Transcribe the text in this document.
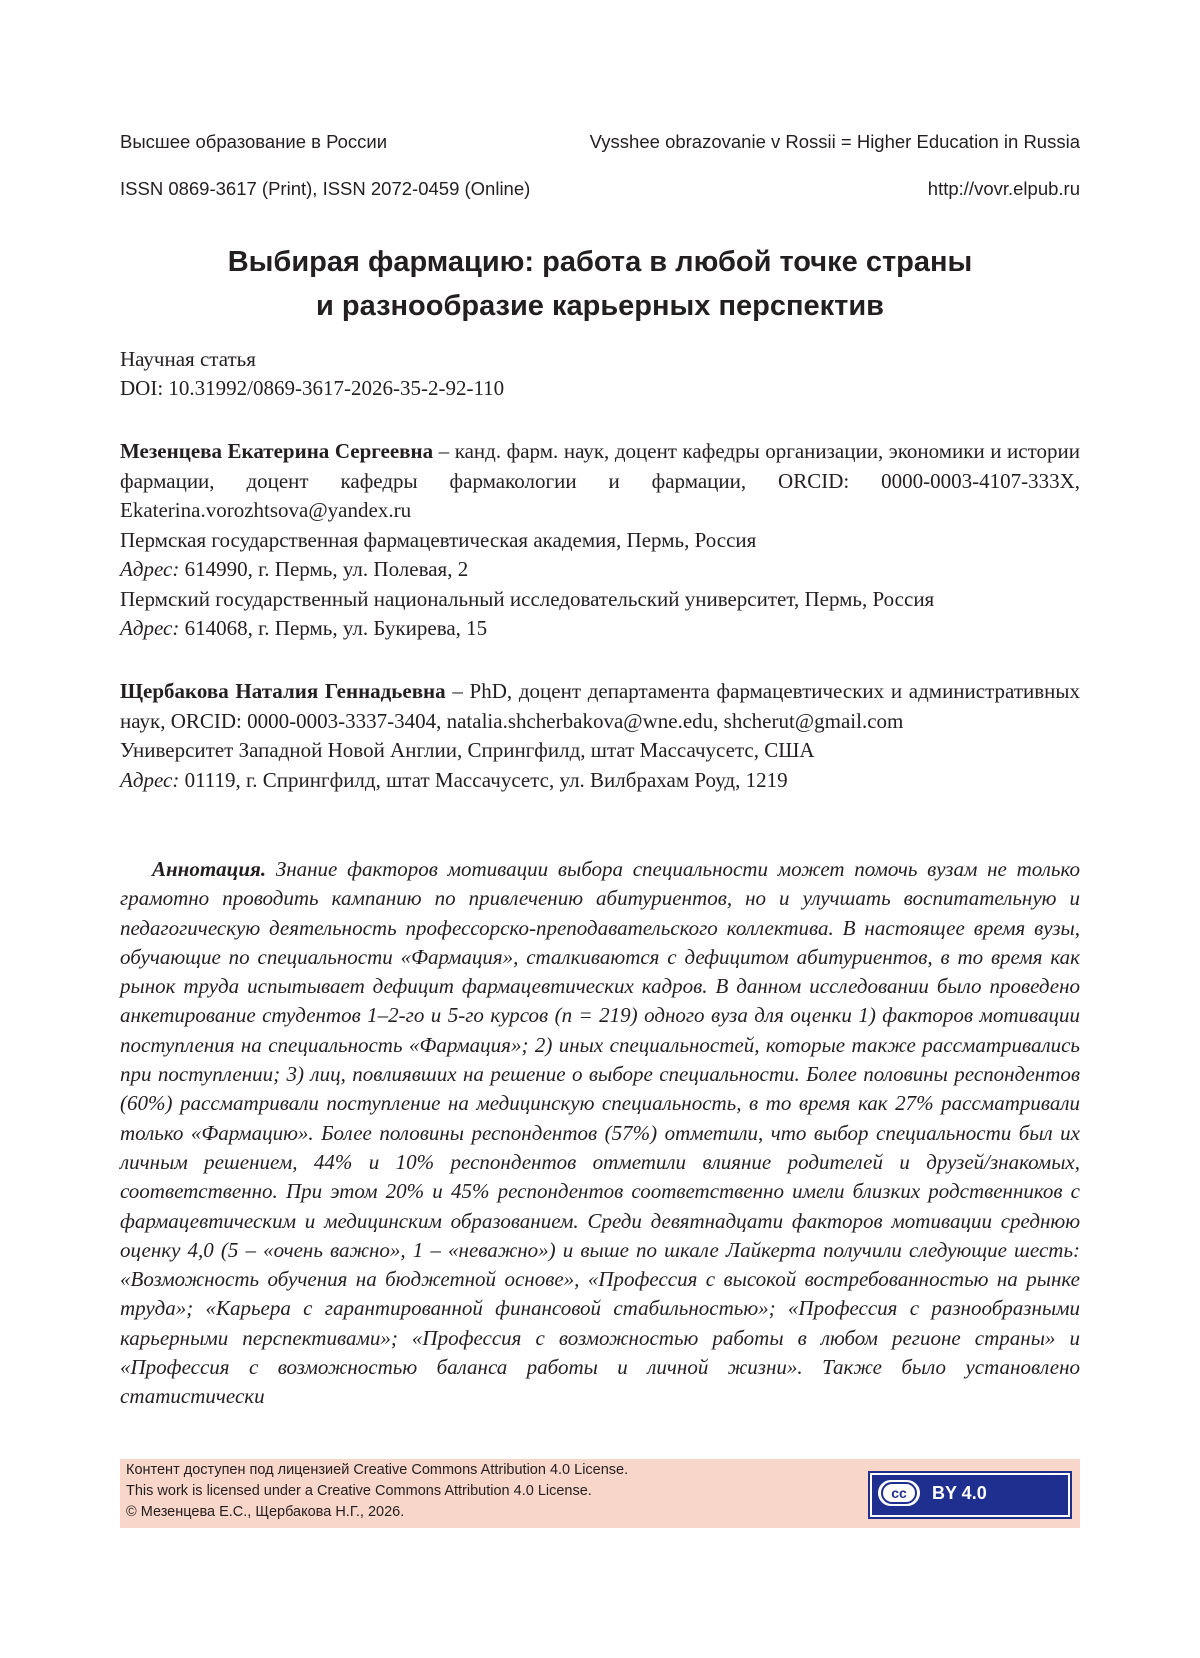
Высшее образование в России	Vysshee obrazovanie v Rossii = Higher Education in Russia
ISSN 0869-3617 (Print), ISSN 2072-0459 (Online)	http://vovr.elpub.ru
Выбирая фармацию: работа в любой точке страны
и разнообразие карьерных перспектив
Научная статья
DOI: 10.31992/0869-3617-2026-35-2-92-110

Мезенцева Екатерина Сергеевна – канд. фарм. наук, доцент кафедры организации, экономики и истории фармации, доцент кафедры фармакологии и фармации, ORCID: 0000-0003-4107-333X, Ekaterina.vorozhtsova@yandex.ru

Пермская государственная фармацевтическая академия, Пермь, Россия

Адрес: 614990, г. Пермь, ул. Полевая, 2

Пермский государственный национальный исследовательский университет, Пермь, Россия

Адрес: 614068, г. Пермь, ул. Букирева, 15

Щербакова Наталия Геннадьевна – PhD, доцент департамента фармацевтических и административных наук, ORCID: 0000-0003-3337-3404, natalia.shcherbakova@wne.edu, shcherut@gmail.com

Университет Западной Новой Англии, Спрингфилд, штат Массачусетс, США

Адрес: 01119, г. Спрингфилд, штат Массачусетс, ул. Вилбрахам Роуд, 1219

Аннотация. Знание факторов мотивации выбора специальности может помочь вузам не только грамотно проводить кампанию по привлечению абитуриентов, но и улучшать воспитательную и педагогическую деятельность профессорско-преподавательского коллектива. В настоящее время вузы, обучающие по специальности «Фармация», сталкиваются с дефицитом абитуриентов, в то время как рынок труда испытывает дефицит фармацевтических кадров. В данном исследовании было проведено анкетирование студентов 1–2-го и 5-го курсов (n = 219) одного вуза для оценки 1) факторов мотивации поступления на специальность «Фармация»; 2) иных специальностей, которые также рассматривались при поступлении; 3) лиц, повлиявших на решение о выборе специальности. Более половины респондентов (60%) рассматривали поступление на медицинскую специальность, в то время как 27% рассматривали только «Фармацию». Более половины респондентов (57%) отметили, что выбор специальности был их личным решением, 44% и 10% респондентов отметили влияние родителей и друзей/знакомых, соответственно. При этом 20% и 45% респондентов соответственно имели близких родственников с фармацевтическим и медицинским образованием. Среди девятнадцати факторов мотивации среднюю оценку 4,0 (5 – «очень важно», 1 – «неважно») и выше по шкале Лайкерта получили следующие шесть: «Возможность обучения на бюджетной основе», «Профессия с высокой востребованностью на рынке труда»; «Карьера с гарантированной финансовой стабильностью»; «Профессия с разнообразными карьерными перспективами»; «Профессия с возможностью работы в любом регионе страны» и «Профессия с возможностью баланса работы и личной жизни». Также было установлено статистически

Контент доступен под лицензией Creative Commons Attribution 4.0 License.
This work is licensed under a Creative Commons Attribution 4.0 License.
© Мезенцева Е.С., Щербакова Н.Г., 2026.
cc	BY 4.0
